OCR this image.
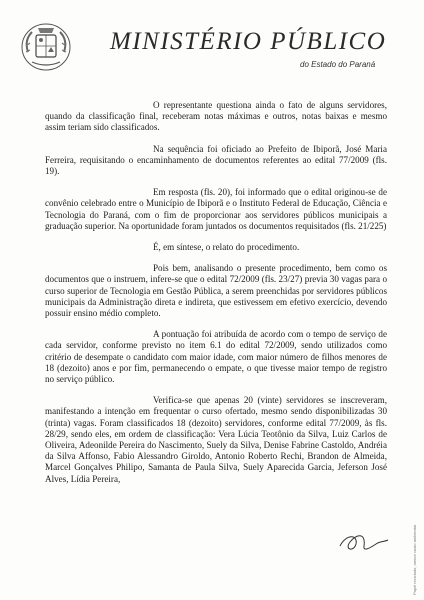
MINISTÉRIO PÚBLICO
do Estado do Paraná

O representante questiona ainda o fato de alguns servidores, quando da classificação final, receberam notas máximas e outros, notas baixas e mesmo assim teriam sido classificados.

Na sequência foi oficiado ao Prefeito de Ibiporã, José Maria Ferreira, requisitando o encaminhamento de documentos referentes ao edital 77/2009 (fls. 19).

Em resposta (fls. 20), foi informado que o edital originou-se de convênio celebrado entre o Município de Ibiporã e o Instituto Federal de Educação, Ciência e Tecnologia do Paraná, com o fim de proporcionar aos servidores públicos municipais a graduação superior. Na oportunidade foram juntados os documentos requisitados (fls. 21/225)

É, em síntese, o relato do procedimento.

Pois bem, analisando o presente procedimento, bem como os documentos que o instruem, infere-se que o edital 72/2009 (fls. 23/27) previa 30 vagas para o curso superior de Tecnologia em Gestão Pública, a serem preenchidas por servidores públicos municipais da Administração direta e indireta, que estivessem em efetivo exercício, devendo possuir ensino médio completo.

A pontuação foi atribuída de acordo com o tempo de serviço de cada servidor, conforme previsto no item 6.1 do edital 72/2009, sendo utilizados como critério de desempate o candidato com maior idade, com maior número de filhos menores de 18 (dezoito) anos e por fim, permanecendo o empate, o que tivesse maior tempo de registro no serviço público.

Verifica-se que apenas 20 (vinte) servidores se inscreveram, manifestando a intenção em frequentar o curso ofertado, mesmo sendo disponibilizadas 30 (trinta) vagas. Foram classificados 18 (dezoito) servidores, conforme edital 77/2009, às fls. 28/29, sendo eles, em ordem de classificação: Vera Lúcia Teotônio da Silva, Luiz Carlos de Oliveira, Adeonilde Pereira do Nascimento, Suely da Silva, Denise Fabrine Castoldo, Andréia da Silva Affonso, Fabio Alessandro Giroldo, Antonio Roberto Rechi, Brandon de Almeida, Marcel Gonçalves Philipo, Samanta de Paula Silva, Suely Aparecida Garcia, Jeferson José Alves, Lídia Pereira,

Papel reciclado, menor custo ambiental.
